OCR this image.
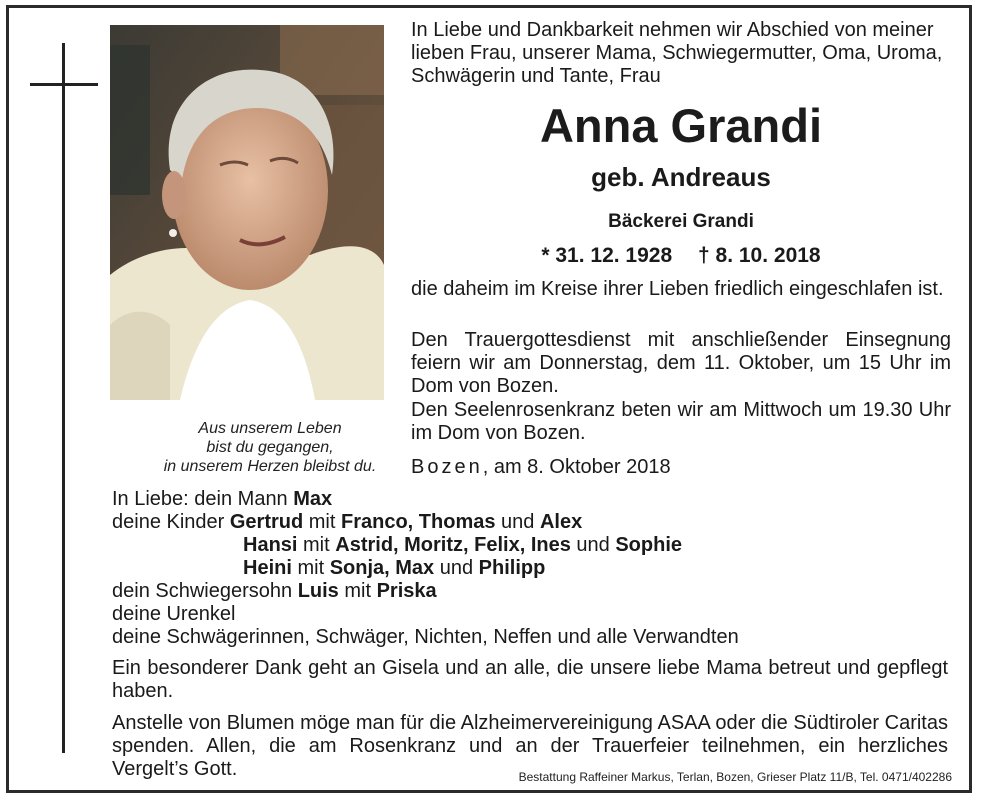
Aus unserem Leben
bist du gegangen,
in unserem Herzen bleibst du.
In Liebe und Dankbarkeit nehmen wir Abschied von meiner lieben Frau, unserer Mama, Schwiegermutter, Oma, Uroma, Schwägerin und Tante, Frau
Anna Grandi
geb. Andreaus
Bäckerei Grandi
* 31. 12. 1928 † 8. 10. 2018
die daheim im Kreise ihrer Lieben friedlich eingeschlafen ist.
Den Trauergottesdienst mit anschließender Einsegnung feiern wir am Donnerstag, dem 11. Oktober, um 15 Uhr im Dom von Bozen.
Den Seelenrosenkranz beten wir am Mittwoch um 19.30 Uhr im Dom von Bozen.
Bozen, am 8. Oktober 2018
In Liebe: dein Mann Max
deine Kinder Gertrud mit Franco, Thomas und Alex
Hansi mit Astrid, Moritz, Felix, Ines und Sophie
Heini mit Sonja, Max und Philipp
dein Schwiegersohn Luis mit Priska
deine Urenkel
deine Schwägerinnen, Schwäger, Nichten, Neffen und alle Verwandten
Ein besonderer Dank geht an Gisela und an alle, die unsere liebe Mama betreut und gepflegt haben.
Anstelle von Blumen möge man für die Alzheimervereinigung ASAA oder die Südtiroler Caritas spenden. Allen, die am Rosenkranz und an der Trauerfeier teilnehmen, ein herzliches Vergelt’s Gott.	Bestattung Raffeiner Markus, Terlan, Bozen, Grieser Platz 11/B, Tel. 0471/402286
